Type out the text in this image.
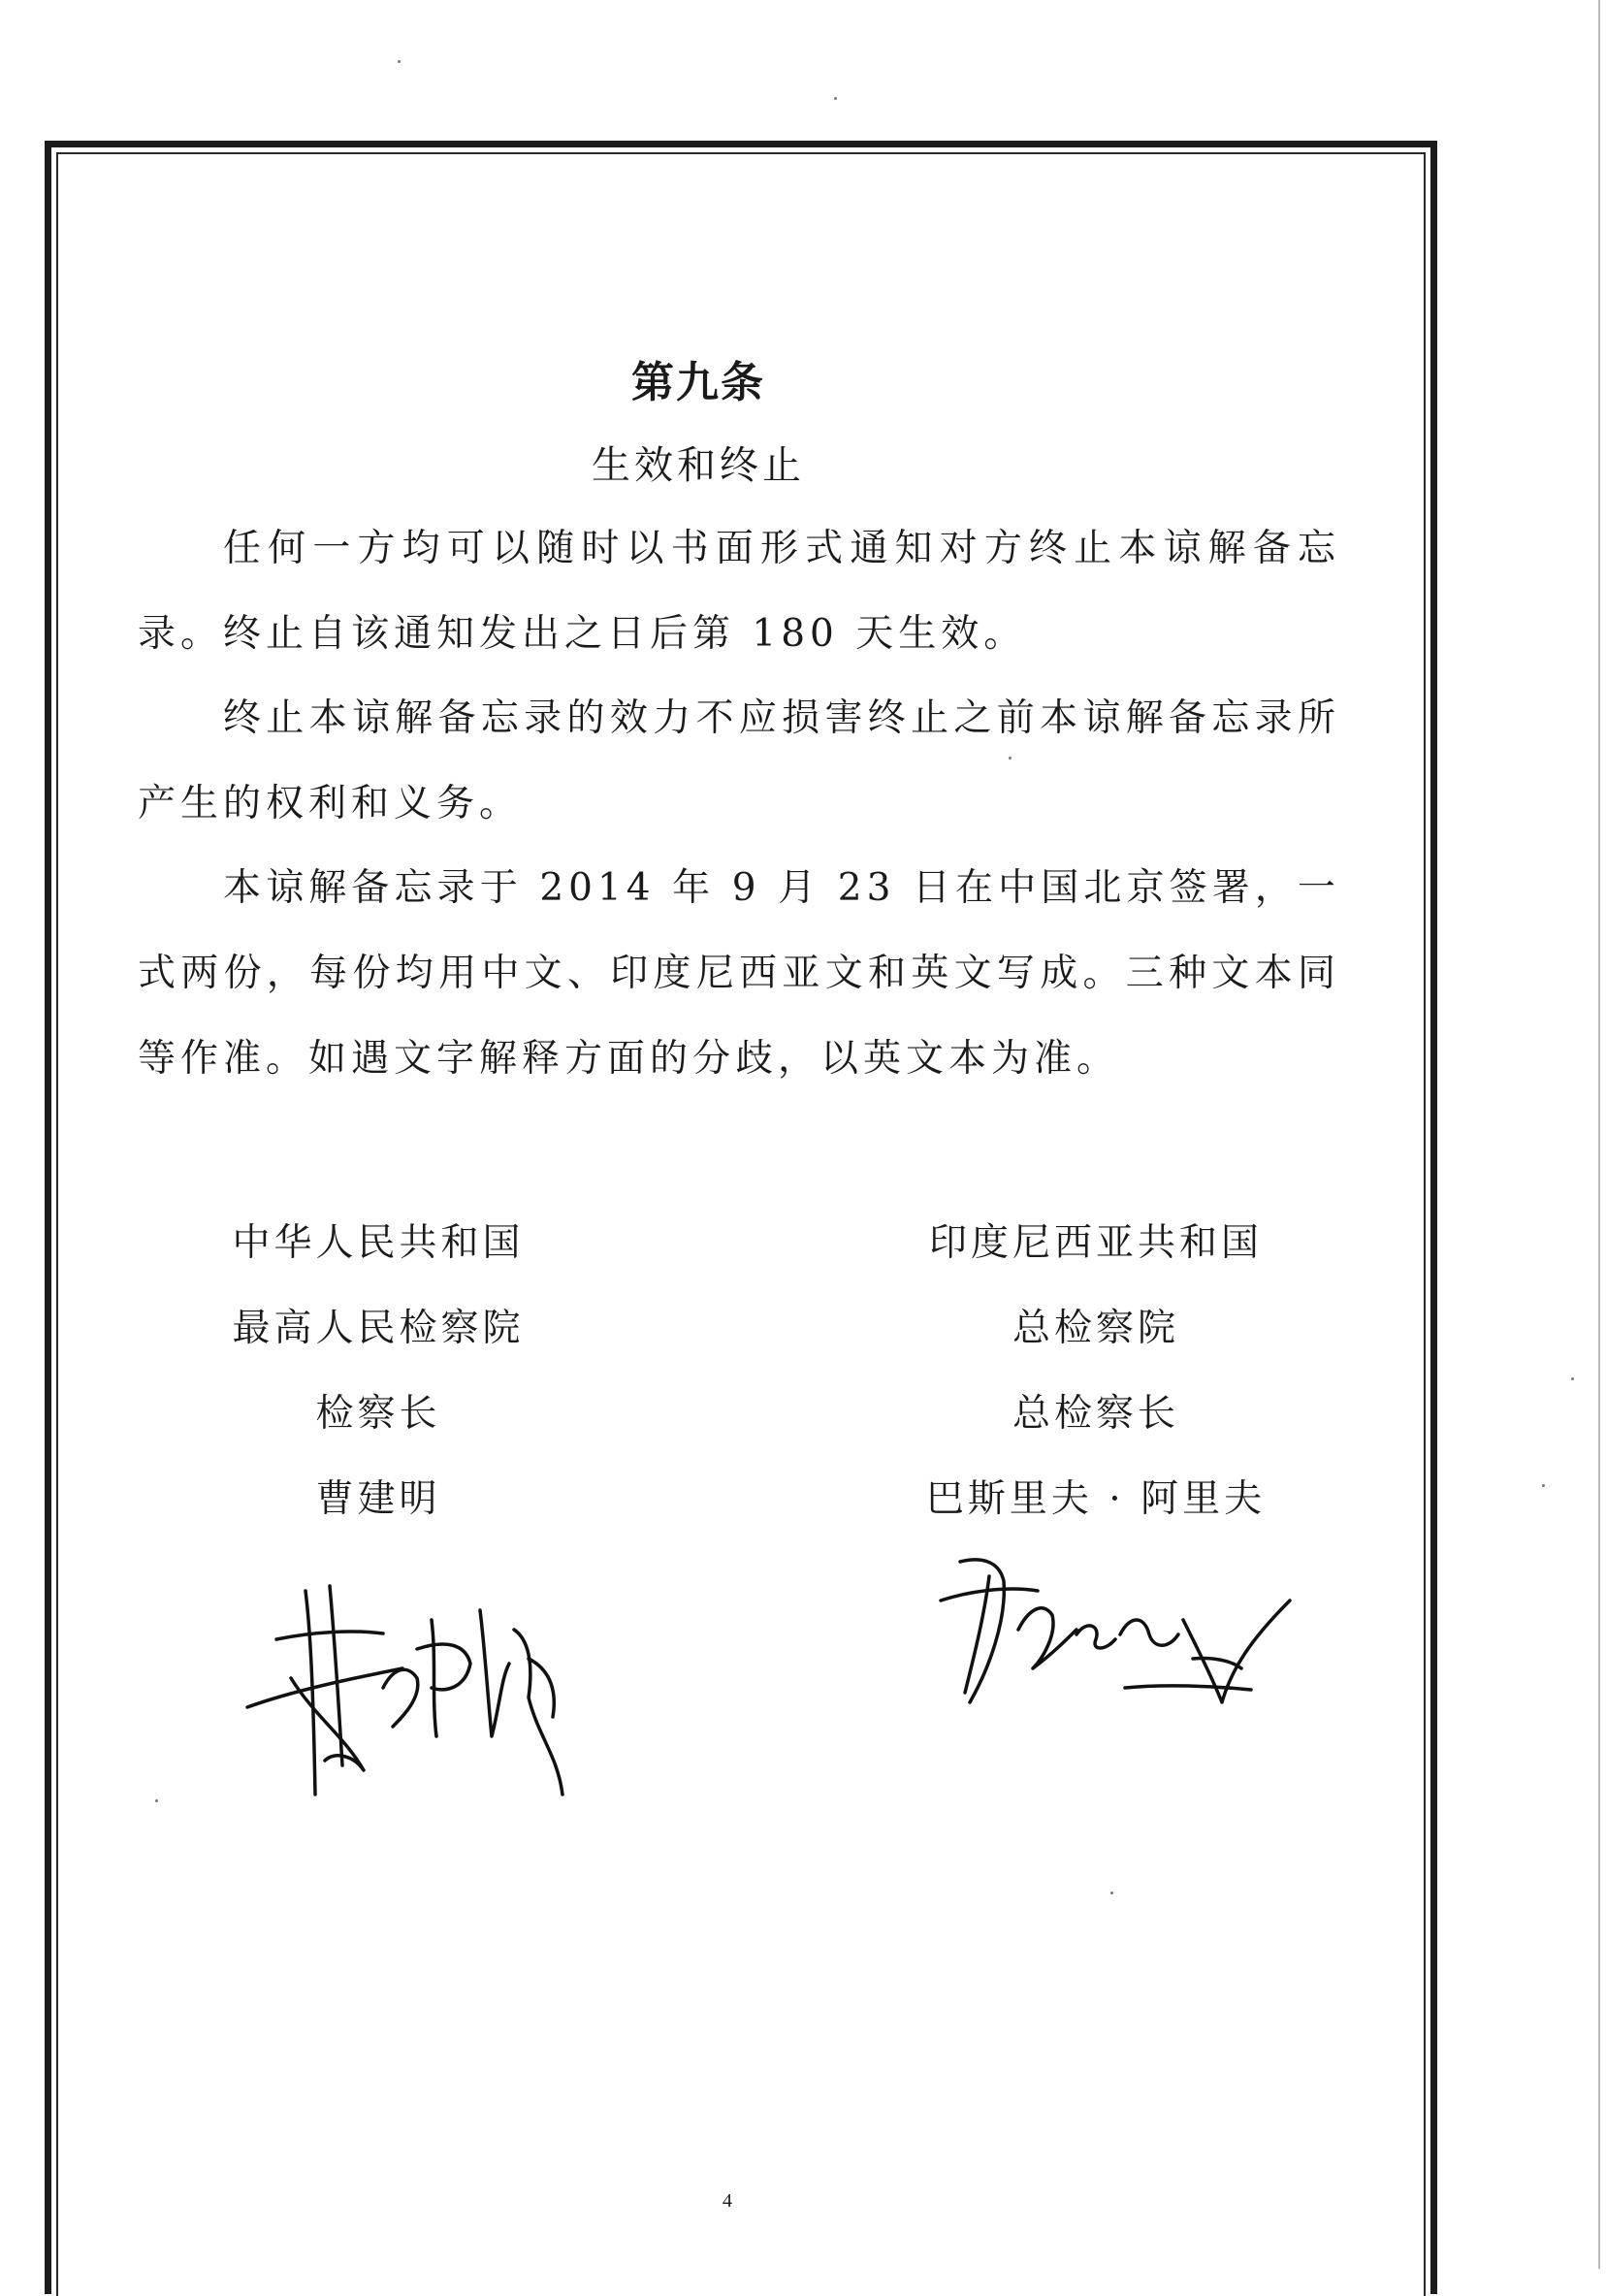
第九条
生效和终止

任何一方均可以随时以书面形式通知对方终止本谅解备忘录。终止自该通知发出之日后第 180 天生效。

终止本谅解备忘录的效力不应损害终止之前本谅解备忘录所产生的权利和义务。

本谅解备忘录于 2014 年 9 月 23 日在中国北京签署，一式两份，每份均用中文、印度尼西亚文和英文写成。三种文本同等作准。如遇文字解释方面的分歧，以英文本为准。

中华人民共和国
最高人民检察院
检察长
曹建明
印度尼西亚共和国
总检察院
总检察长
巴斯里夫 · 阿里夫
4
